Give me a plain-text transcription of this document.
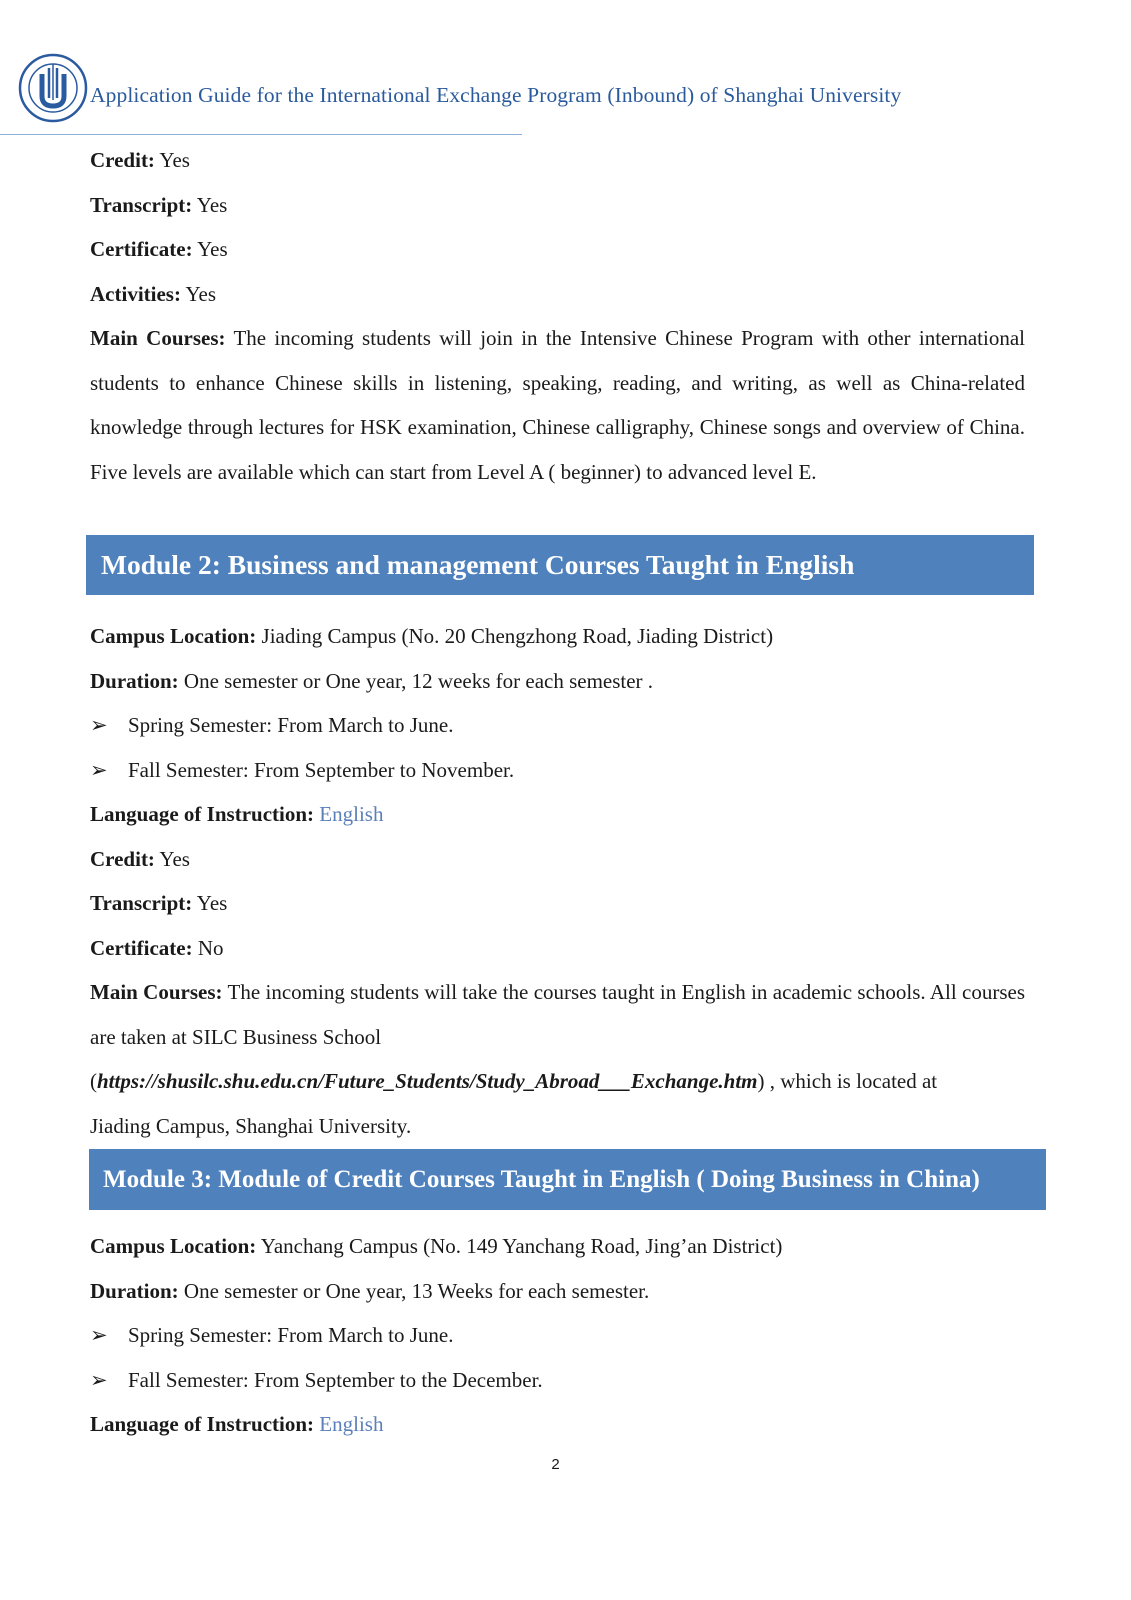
Application Guide for the International Exchange Program (Inbound) of Shanghai University
Credit: Yes
Transcript: Yes
Certificate: Yes
Activities: Yes
Main Courses: The incoming students will join in the Intensive Chinese Program with other international students to enhance Chinese skills in listening, speaking, reading, and writing, as well as China-related knowledge through lectures for HSK examination, Chinese calligraphy, Chinese songs and overview of China. Five levels are available which can start from Level A ( beginner) to advanced level E.
Module 2: Business and management Courses Taught in English
Campus Location: Jiading Campus (No. 20 Chengzhong Road, Jiading District)
Duration: One semester or One year, 12 weeks for each semester .
➢ Spring Semester: From March to June.
➢ Fall Semester: From September to November.
Language of Instruction: English
Credit: Yes
Transcript: Yes
Certificate: No
Main Courses: The incoming students will take the courses taught in English in academic schools. All courses are taken at SILC Business School
(https://shusilc.shu.edu.cn/Future_Students/Study_Abroad___Exchange.htm) , which is located at
Jiading Campus, Shanghai University.
Module 3: Module of Credit Courses Taught in English ( Doing Business in China)
Campus Location: Yanchang Campus (No. 149 Yanchang Road, Jing’an District)
Duration: One semester or One year, 13 Weeks for each semester.
➢ Spring Semester: From March to June.
➢ Fall Semester: From September to the December.
Language of Instruction: English
2
